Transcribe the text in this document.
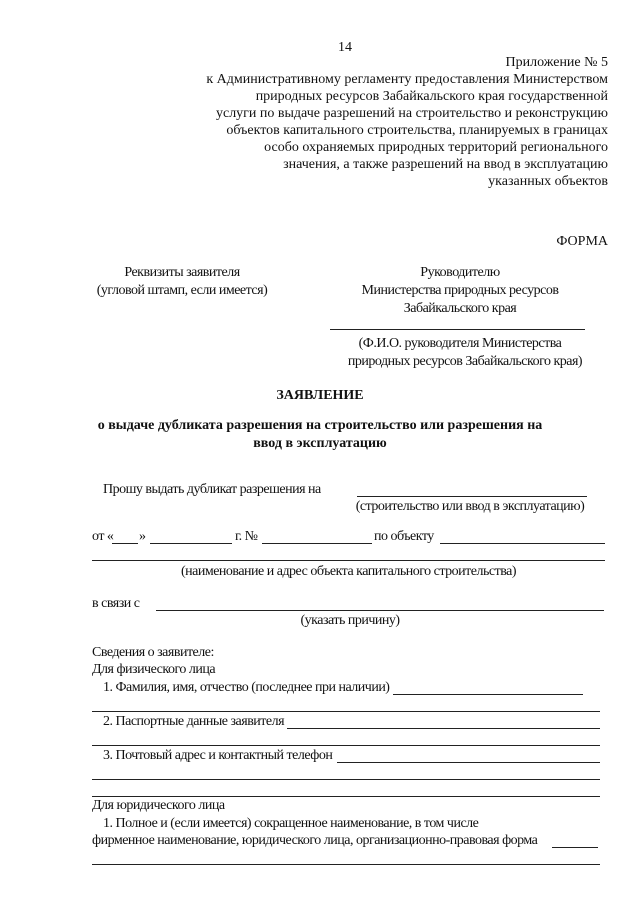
14
Приложение № 5
к Административному регламенту предоставления Министерством
природных ресурсов Забайкальского края государственной
услуги по выдаче разрешений на строительство и реконструкцию
объектов капитального строительства, планируемых в границах
особо охраняемых природных территорий регионального
значения, а также разрешений на ввод в эксплуатацию
указанных объектов
ФОРМА
Реквизиты заявителя
(угловой штамп, если имеется)
Руководителю
Министерства природных ресурсов
Забайкальского края
(Ф.И.О. руководителя Министерства
природных ресурсов Забайкальского края)
ЗАЯВЛЕНИЕ
о выдаче дубликата разрешения на строительство или разрешения на
ввод в эксплуатацию
Прошу выдать дубликат разрешения на
(строительство или ввод в эксплуатацию)
от « »	г. №	по объекту
(наименование и адрес объекта капитального строительства)
в связи с
(указать причину)
Сведения о заявителе:
Для физического лица
1. Фамилия, имя, отчество (последнее при наличии)
2. Паспортные данные заявителя
3. Почтовый адрес и контактный телефон
Для юридического лица
1. Полное и (если имеется) сокращенное наименование, в том числе
фирменное наименование, юридического лица, организационно-правовая форма
